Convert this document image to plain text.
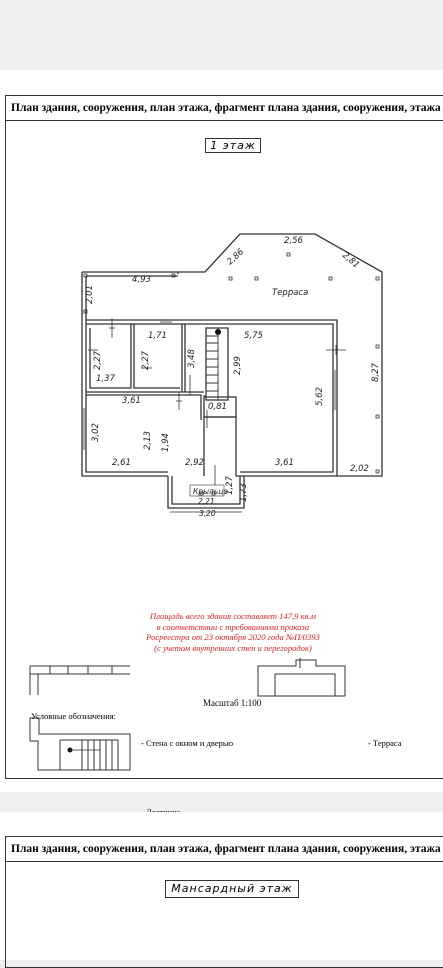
План здания, сооружения, план этажа, фрагмент плана здания, сооружения, этажа
1 этаж
2,56
2,86	2,81
4,93
2,01
8,27
1,71	5,75
2,27	2,27
1,37
3,48	2,99
5,62
3,61
0,81
3,02	2,13 1,94
2,61	2,92	3,61
2,02
1,27 1,73
2,21
3,20
Терраса
Крыльцо
Площадь всего здания составляет 147,9 кв.м
в соответствии с требованиями приказа
Росреестра от 23 октября 2020 года №П/0393
(с учетом внутренних стен и перегородок)
Масштаб 1:100
Условные обозначения:
- Стена с окном и дверью	- Терраса
План здания, сооружения, план этажа, фрагмент плана здания, сооружения, этажа
Мансардный этаж
